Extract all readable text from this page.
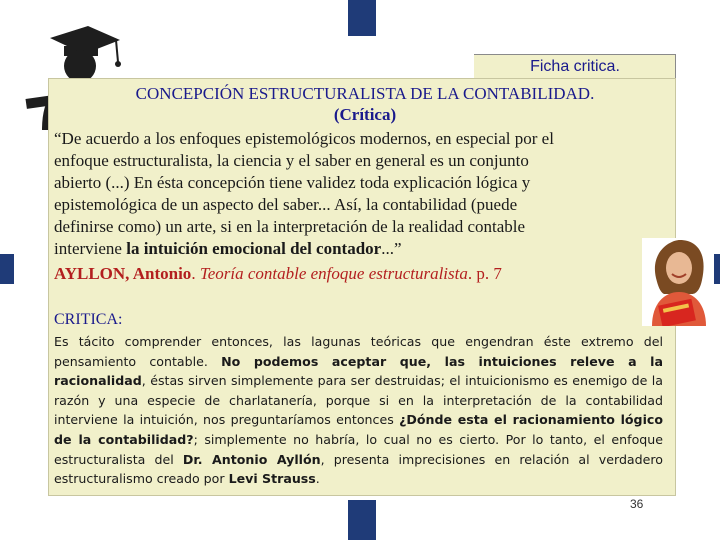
Ficha critica.
CONCEPCIÓN ESTRUCTURALISTA DE LA CONTABILIDAD.
(Crítica)

“De acuerdo a los enfoques epistemológicos modernos, en especial por el

enfoque estructuralista, la ciencia y el saber en general es un conjunto

abierto (...) En ésta concepción tiene validez toda explicación lógica y

epistemológica de un aspecto del saber... Así, la contabilidad (puede

definirse como) un arte, si en la interpretación de la realidad contable

interviene la intuición emocional del contador...”

AYLLON, Antonio. Teoría contable enfoque estructuralista. p. 7
CRITICA:
Es tácito comprender entonces, las lagunas teóricas que engendran éste extremo del pensamiento contable. No podemos aceptar que, las intuiciones releve a la racionalidad, éstas sirven simplemente para ser destruidas; el intuicionismo es enemigo de la razón y una especie de charlatanería, porque si en la interpretación de la contabilidad interviene la intuición, nos preguntaríamos entonces ¿Dónde esta el racionamiento lógico de la contabilidad?; simplemente no habría, lo cual no es cierto. Por lo tanto, el enfoque estructuralista del Dr. Antonio Ayllón, presenta imprecisiones en relación al verdadero estructuralismo creado por Levi Strauss.
36
